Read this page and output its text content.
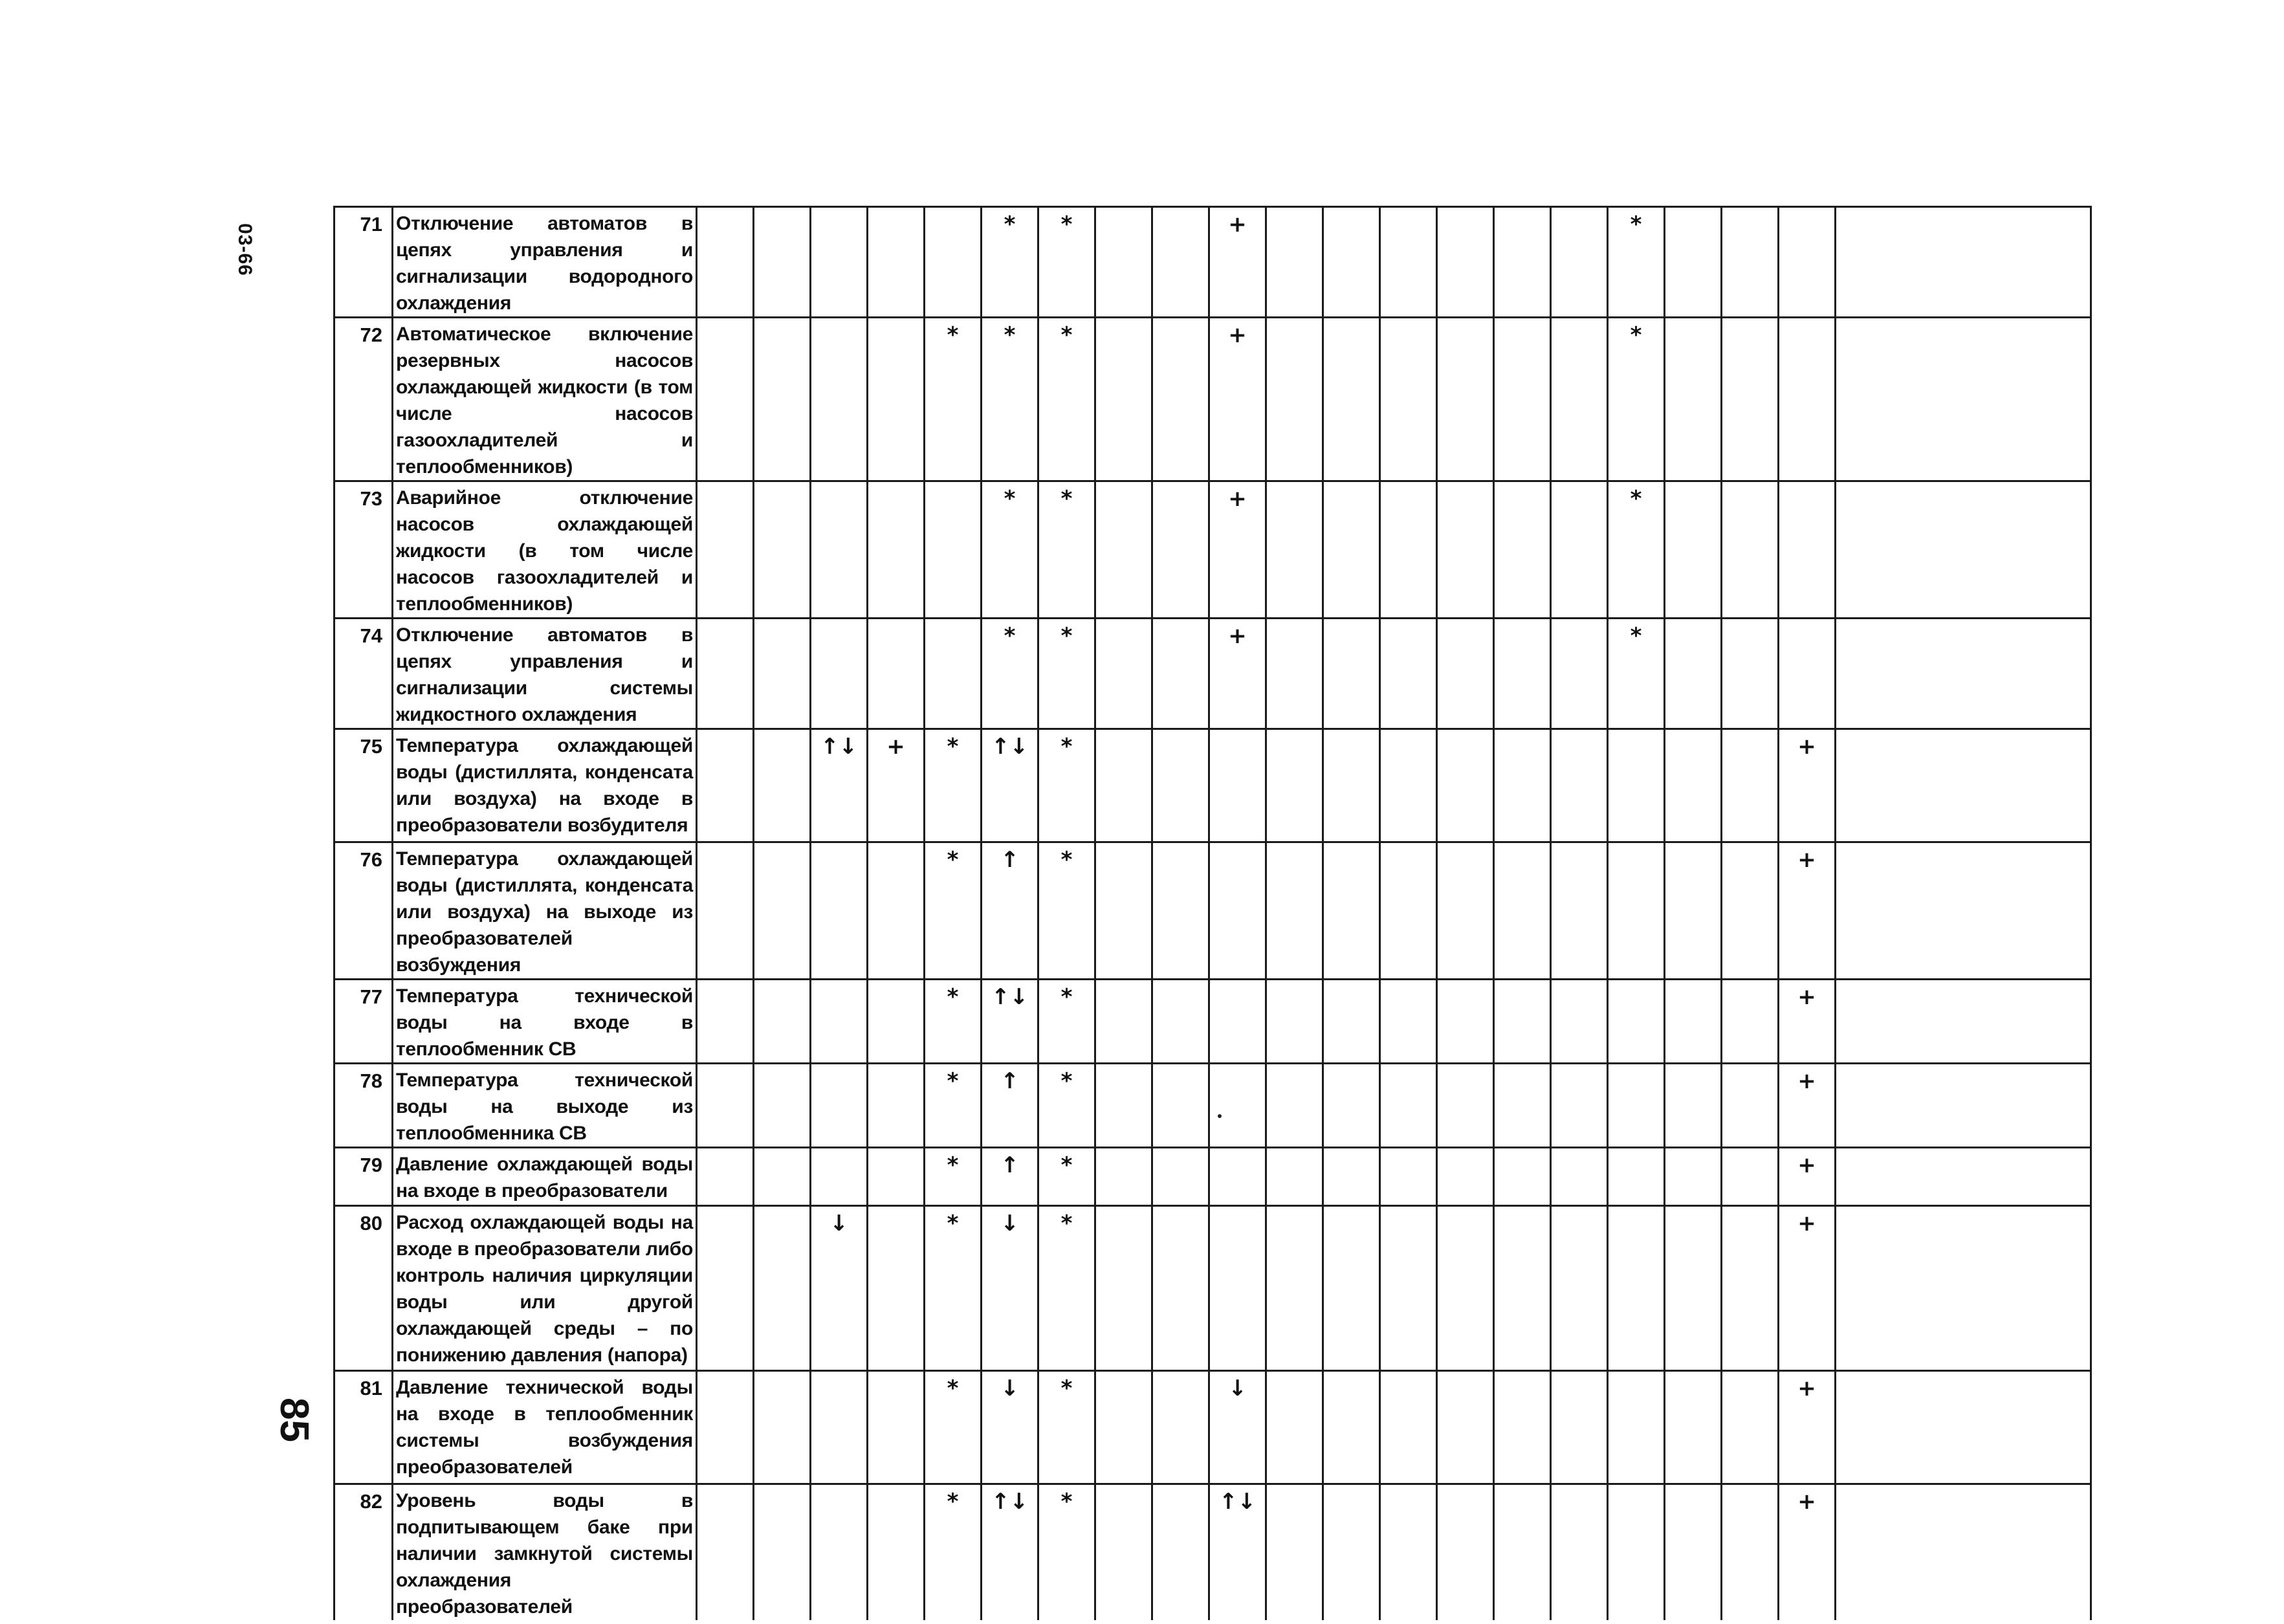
03-66
85
71	Отключение автоматов в цепях управления и сигнализации водородного охлаждения						*	*			+							*				
72	Автоматическое включение резервных насосов охлаждающей жидкости (в том числе насосов газоохладителей и теплообменников)					*	*	*			+							*				
73	Аварийное отключение насосов охлаждающей жидкости (в том числе насосов газоохладителей и теплообменников)						*	*			+							*				
74	Отключение автоматов в цепях управления и сигнализации системы жидкостного охлаждения						*	*			+							*				
75	Температура охлаждающей воды (дистиллята, конденсата или воздуха) на входе в преобразователи возбудителя			↑↓	+	*	↑↓	*													+	
76	Температура охлаждающей воды (дистиллята, конденсата или воздуха) на выходе из преобразователей возбуждения					*	↑	*													+	
77	Температура технической воды на входе в теплообменник СВ					*	↑↓	*													+	
78	Температура технической воды на выходе из теплообменника СВ					*	↑	*													+	
79	Давление охлаждающей воды на входе в преобразователи					*	↑	*													+	
80	Расход охлаждающей воды на входе в преобразователи либо контроль наличия циркуляции воды или другой охлаждающей среды – по понижению давления (напора)			↓		*	↓	*													+	
81	Давление технической воды на входе в теплообменник системы возбуждения преобразователей					*	↓	*			↓										+	
82	Уровень воды в подпитывающем баке при наличии замкнутой системы охлаждения преобразователей					*	↑↓	*			↑↓										+	
